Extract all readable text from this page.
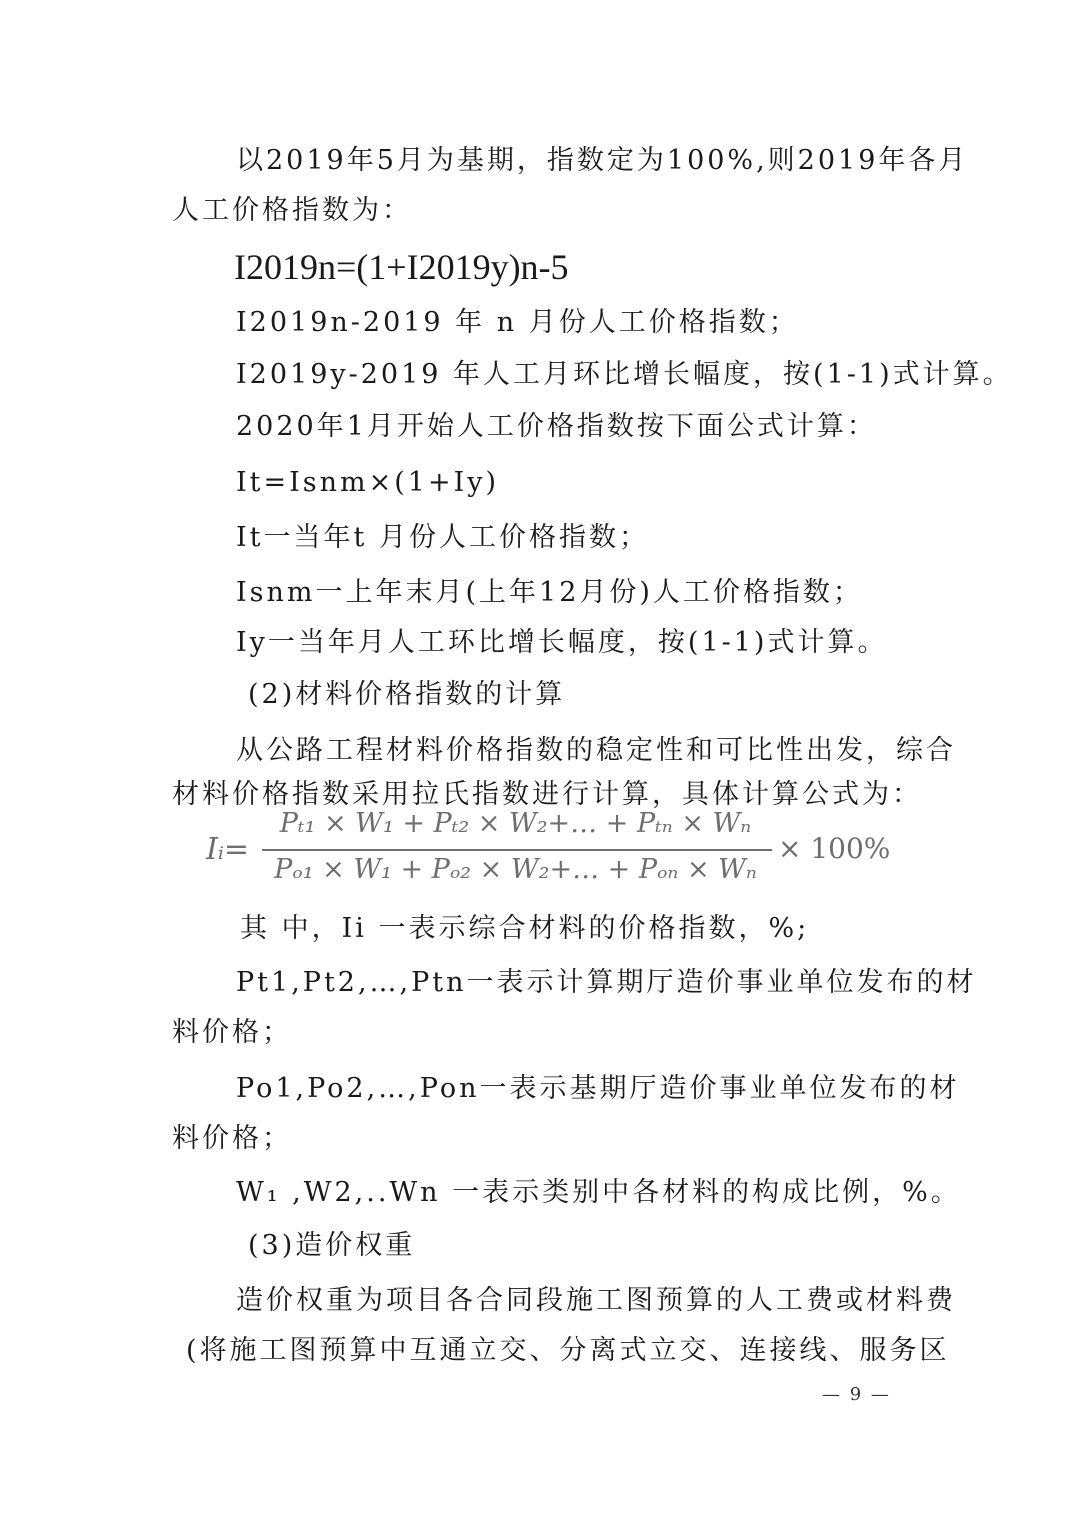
以2019年5月为基期，指数定为100%,则2019年各月
人工价格指数为：
I2019n=(1+I2019y)n-5
I2019n-2019 年 n 月份人工价格指数；
I2019y-2019 年人工月环比增长幅度，按(1-1)式计算。
2020年1月开始人工价格指数按下面公式计算：
It=Isnm×(1+Iy)
It一当年t 月份人工价格指数；
Isnm一上年末月(上年12月份)人工价格指数；
Iy一当年月人工环比增长幅度，按(1-1)式计算。
(2)材料价格指数的计算
从公路工程材料价格指数的稳定性和可比性出发，综合
材料价格指数采用拉氏指数进行计算，具体计算公式为：
Iᵢ=
Pₜ₁ × W₁ + Pₜ₂ × W₂+… + Pₜₙ × Wₙ
Pₒ₁ × W₁ + Pₒ₂ × W₂+… + Pₒₙ × Wₙ
× 100%
其 中，Ii 一表示综合材料的价格指数，%;
Pt1,Pt2,…,Ptn一表示计算期厅造价事业单位发布的材
料价格；
Po1,Po2,…,Pon一表示基期厅造价事业单位发布的材
料价格；
W₁ ,W2,..Wn 一表示类别中各材料的构成比例，%。
(3)造价权重
造价权重为项目各合同段施工图预算的人工费或材料费
(将施工图预算中互通立交、分离式立交、连接线、服务区
— 9 —
